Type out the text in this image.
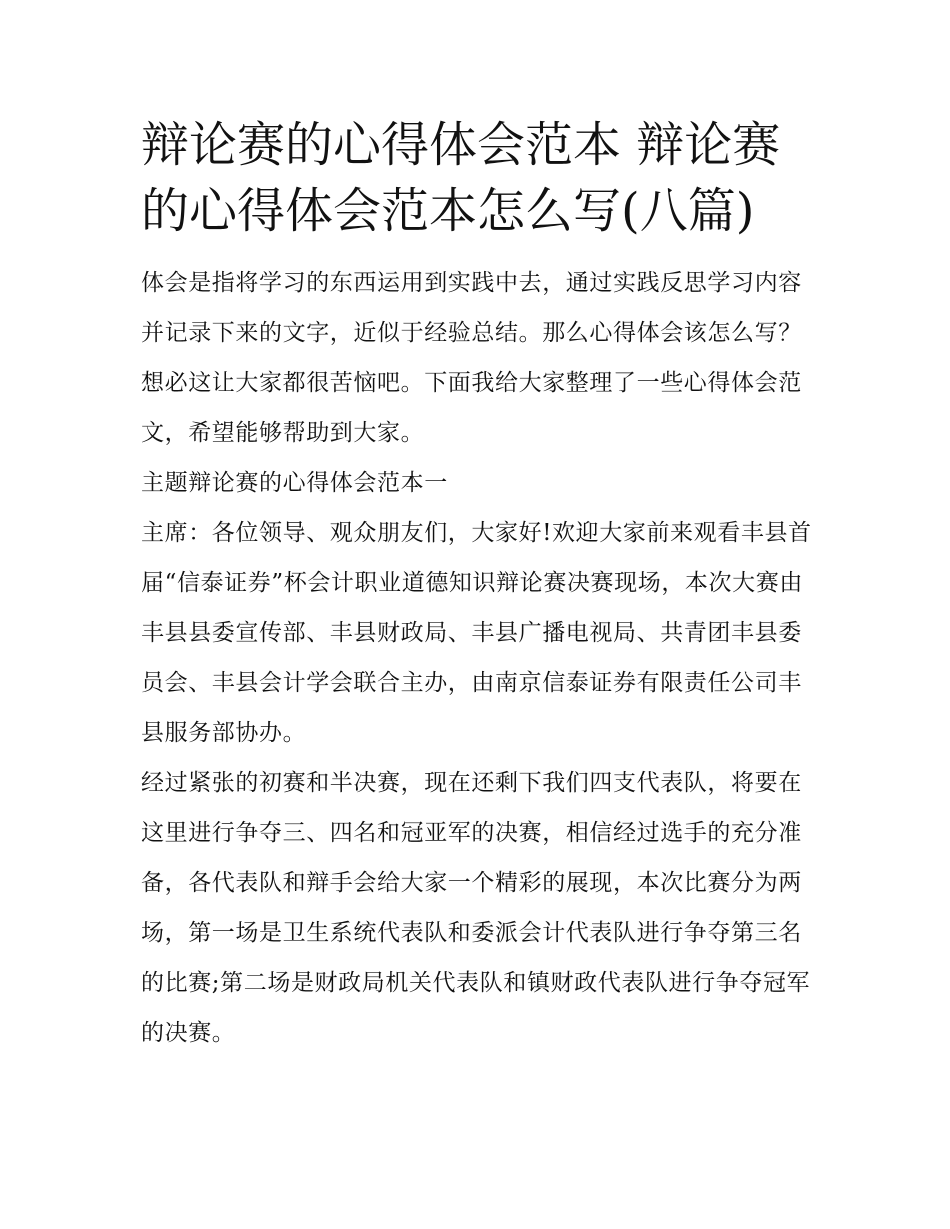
辩论赛的心得体会范本 辩论赛的心得体会范本怎么写(八篇)

体会是指将学习的东西运用到实践中去，通过实践反思学习内容并记录下来的文字，近似于经验总结。那么心得体会该怎么写？想必这让大家都很苦恼吧。下面我给大家整理了一些心得体会范文，希望能够帮助到大家。

主题辩论赛的心得体会范本一

主席：各位领导、观众朋友们，大家好!欢迎大家前来观看丰县首届“信泰证券”杯会计职业道德知识辩论赛决赛现场，本次大赛由丰县县委宣传部、丰县财政局、丰县广播电视局、共青团丰县委员会、丰县会计学会联合主办，由南京信泰证券有限责任公司丰县服务部协办。

经过紧张的初赛和半决赛，现在还剩下我们四支代表队，将要在这里进行争夺三、四名和冠亚军的决赛，相信经过选手的充分准备，各代表队和辩手会给大家一个精彩的展现，本次比赛分为两场，第一场是卫生系统代表队和委派会计代表队进行争夺第三名的比赛;第二场是财政局机关代表队和镇财政代表队进行争夺冠军的决赛。
